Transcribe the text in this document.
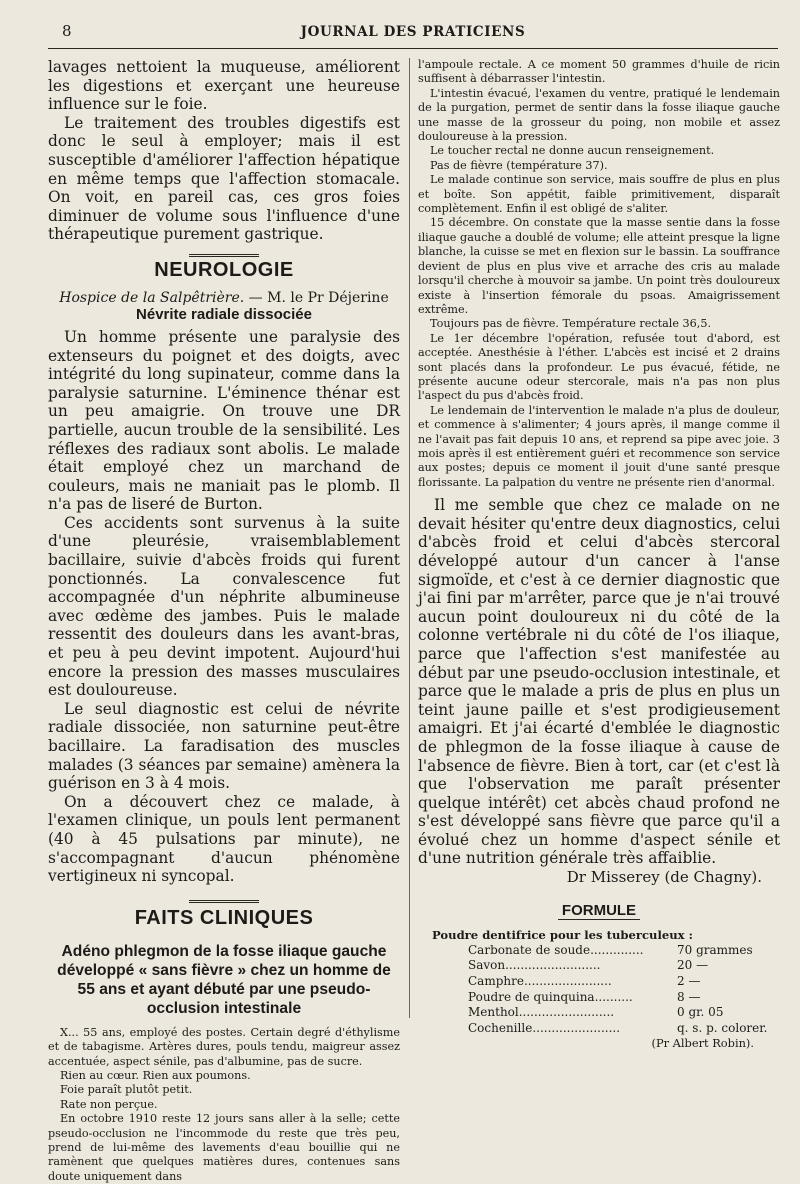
8	JOURNAL DES PRATICIENS

lavages nettoient la muqueuse, améliorent les digestions et exerçant une heureuse influence sur le foie.

Le traitement des troubles digestifs est donc le seul à employer; mais il est susceptible d'améliorer l'affection hépatique en même temps que l'affection stomacale. On voit, en pareil cas, ces gros foies diminuer de volume sous l'influence d'une thérapeutique purement gastrique.

NEUROLOGIE
Hospice de la Salpêtrière. — M. le Pr Déjerine
Névrite radiale dissociée

Un homme présente une paralysie des extenseurs du poignet et des doigts, avec intégrité du long supinateur, comme dans la paralysie saturnine. L'éminence thénar est un peu amaigrie. On trouve une DR partielle, aucun trouble de la sensibilité. Les réflexes des radiaux sont abolis. Le malade était employé chez un marchand de couleurs, mais ne maniait pas le plomb. Il n'a pas de liseré de Burton.

Ces accidents sont survenus à la suite d'une pleurésie, vraisemblablement bacillaire, suivie d'abcès froids qui furent ponctionnés. La convalescence fut accompagnée d'un néphrite albumineuse avec œdème des jambes. Puis le malade ressentit des douleurs dans les avant-bras, et peu à peu devint impotent. Aujourd'hui encore la pression des masses musculaires est douloureuse.

Le seul diagnostic est celui de névrite radiale dissociée, non saturnine peut-être bacillaire. La faradisation des muscles malades (3 séances par semaine) amènera la guérison en 3 à 4 mois.

On a découvert chez ce malade, à l'examen clinique, un pouls lent permanent (40 à 45 pulsations par minute), ne s'accompagnant d'aucun phénomène vertigineux ni syncopal.

FAITS CLINIQUES
Adéno phlegmon de la fosse iliaque gauche développé « sans fièvre » chez un homme de 55 ans et ayant débuté par une pseudo-occlusion intestinale

X... 55 ans, employé des postes. Certain degré d'éthylisme et de tabagisme. Artères dures, pouls tendu, maigreur assez accentuée, aspect sénile, pas d'albumine, pas de sucre.

Rien au cœur. Rien aux poumons.

Foie paraît plutôt petit.

Rate non perçue.

En octobre 1910 reste 12 jours sans aller à la selle; cette pseudo-occlusion ne l'incommode du reste que très peu, prend de lui-même des lavements d'eau bouillie qui ne ramènent que quelques matières dures, contenues sans doute uniquement dans

l'ampoule rectale. A ce moment 50 grammes d'huile de ricin suffisent à débarrasser l'intestin.

L'intestin évacué, l'examen du ventre, pratiqué le lendemain de la purgation, permet de sentir dans la fosse iliaque gauche une masse de la grosseur du poing, non mobile et assez douloureuse à la pression.

Le toucher rectal ne donne aucun renseignement.

Pas de fièvre (température 37).

Le malade continue son service, mais souffre de plus en plus et boîte. Son appétit, faible primitivement, disparaît complètement. Enfin il est obligé de s'aliter.

15 décembre. On constate que la masse sentie dans la fosse iliaque gauche a doublé de volume; elle atteint presque la ligne blanche, la cuisse se met en flexion sur le bassin. La souffrance devient de plus en plus vive et arrache des cris au malade lorsqu'il cherche à mouvoir sa jambe. Un point très douloureux existe à l'insertion fémorale du psoas. Amaigrissement extrême.

Toujours pas de fièvre. Température rectale 36,5.

Le 1er décembre l'opération, refusée tout d'abord, est acceptée. Anesthésie à l'éther. L'abcès est incisé et 2 drains sont placés dans la profondeur. Le pus évacué, fétide, ne présente aucune odeur stercorale, mais n'a pas non plus l'aspect du pus d'abcès froid.

Le lendemain de l'intervention le malade n'a plus de douleur, et commence à s'alimenter; 4 jours après, il mange comme il ne l'avait pas fait depuis 10 ans, et reprend sa pipe avec joie. 3 mois après il est entièrement guéri et recommence son service aux postes; depuis ce moment il jouit d'une santé presque florissante. La palpation du ventre ne présente rien d'anormal.

Il me semble que chez ce malade on ne devait hésiter qu'entre deux diagnostics, celui d'abcès froid et celui d'abcès stercoral développé autour d'un cancer à l'anse sigmoïde, et c'est à ce dernier diagnostic que j'ai fini par m'arrêter, parce que je n'ai trouvé aucun point douloureux ni du côté de la colonne vertébrale ni du côté de l'os iliaque, parce que l'affection s'est manifestée au début par une pseudo-occlusion intestinale, et parce que le malade a pris de plus en plus un teint jaune paille et s'est prodigieusement amaigri. Et j'ai écarté d'emblée le diagnostic de phlegmon de la fosse iliaque à cause de l'absence de fièvre. Bien à tort, car (et c'est là que l'observation me paraît présenter quelque intérêt) cet abcès chaud profond ne s'est développé sans fièvre que parce qu'il a évolué chez un homme d'aspect sénile et d'une nutrition générale très affaiblie.

Dr Misserey (de Chagny).
FORMULE
Poudre dentifrice pour les tuberculeux :
Carbonate de soude..............	70 grammes
Savon.........................	20 —
Camphre.......................	2 —
Poudre de quinquina..........	8 —
Menthol.........................	0 gr. 05
Cochenille.......................	q. s. p. colorer.
(Pr Albert Robin).
